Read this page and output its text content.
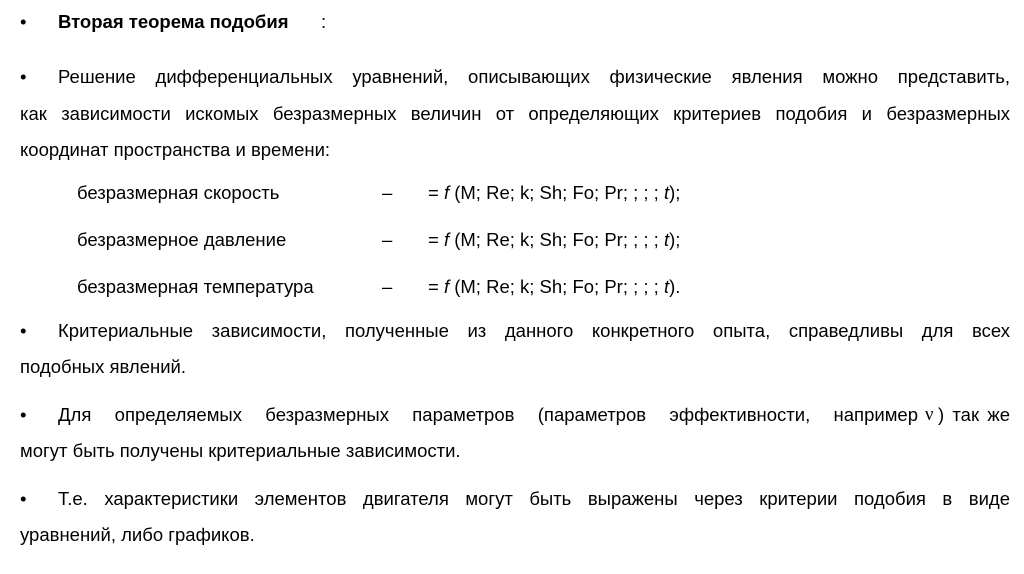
• Вторая теорема подобия :
• Решение дифференциальных уравнений, описывающих физические явления можно представить,
как зависимости искомых безразмерных величин от определяющих критериев подобия и безразмерных
координат пространства и времени:
безразмерная скорость	– = f (M; Re; k; Sh; Fo; Pr; ; ; ; t);
безразмерное давление	– = f (M; Re; k; Sh; Fo; Pr; ; ; ; t);
безразмерная температура	– = f (M; Re; k; Sh; Fo; Pr; ; ; ; t).
• Критериальные зависимости, полученные из данного конкретного опыта, справедливы для всех
подобных явлений.
• Для определяемых безразмерных параметров (параметров эффективности, например ν ) так же
могут быть получены критериальные зависимости.
• Т.е. характеристики элементов двигателя могут быть выражены через критерии подобия в виде
уравнений, либо графиков.
